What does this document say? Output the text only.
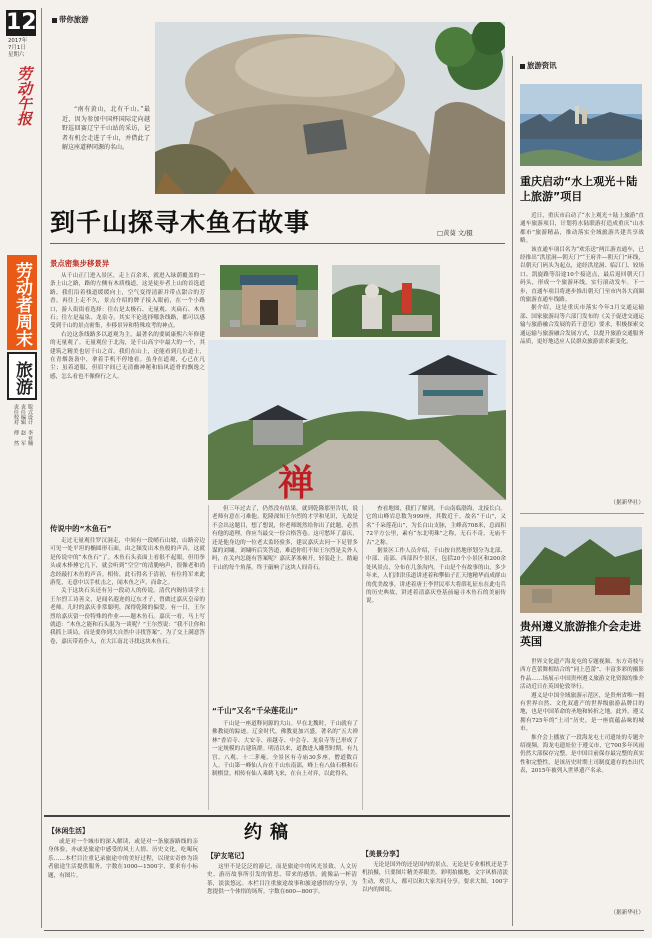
12
2017年
7月1日
星期六
劳动午报
劳动者周末
旅游
版式设计　李亚楠
责任编辑　赵　军
责任校对　傅　然
带你旅游
“南有黄山，北有千山。”最近，因为参加中国杯国际定向越野巡回赛辽宁千山站的采访，记者有机会走进了千山，并借此了解这座道释同源的名山。
到千山探寻木鱼石故事	□黄葵 文/摄
景点密集步移景异

从千山正门进入景区，走上百余米，就进入绿荫覆盖的一条上山之路，路的左侧有木质栈道，这是徒步者上山的首选道路。我们沿着栈道缓缓向上，空气变得清新并带点甜合的芳香。再往上走不久，景点介绍的牌子接入眼前，在一个小路口，游人街街看选择：往右是太极石、无量观、夹扁石、木鱼石；往左是福泉、龙泉寺。其实不论选择哪条线路，都可以感受到千山的景点密集，步移景异和特殊攻考的神点。

右边这条线路多以道观为主，最著名的要属康熙六年修建的无量观了。无量观位于北沟，是千山高宇中最大的一个，其建筑之精美也居千山之首。我们在山上，还能看到几位道士，在青烟袅袅中，拿着手机不停地看。虽身在道观，心已在凡尘；虽着道服，但眉宇间已无清幽神秘和仙风道骨的飘逸之感，怎么看也不像修行之人。

传说中的“木鱼石”

走过无量观往罗汉洞走，中间有一段峭石山坡，山路旁边可见一处平坦的椭圆形石面，由之频发出木鱼般的声音，这就是传说中的“木鱼石”了。木鱼石头表面上看很不起眼，但用拳头或木棒捶它几下，就会听到“空空”的清脆响声，很像老和尚念经敲打木鱼的声音。相传，此石得名于清初，有位将军来此游览，无意中以手杖击之，闻木鱼之声，而命之。

关于这块石头还有另一段动人的传说。清代内阁侍读学士王尔烈工诗善文，是闻名遐迩的辽东才子，曾做过嘉庆皇帝的老师。儿时的嘉庆非常聪明，深得乾隆的偏爱。有一日，王尔烈给嘉庆留一份特殊的作业——题木鱼石。嘉庆一看，马上写就道：“木鱼之能和石头混为一谈呢？”王尔烈说：“我不让你和我抓上谈局，而是要你到大自然中寻找答案”。为了交上满意答卷，嘉庆带着仆人，在大江南北寻找这块木鱼石。

禅

但三年过去了，仍然没有结果，就到乾隆那里告状，说老师有意在刁难他。乾隆深知王尔烈的才学和见识，无故是不会出这题目，想了想说，你老师既然给你出了此题，必然有他的道理，你应当最交一份合格答卷。这可愁坏了嘉庆，还是他身边的一位老太监经验多，建议嘉庆去问一下足智多谋的刘墉。刘墉听后笑答道，难道你们不知王尔烈是关外人吗，在关内怎能有答案呢？嘉庆茅塞顿开，轻装赴上，踏遍千山的每个角落，终于敲响了这块人间奇石。

“千山”又名“千朵莲花山”

千山是一座道释同源的大山。早在北魏时，千山就有了佛教徒的踪迹。辽金时代，佛教更加兴盛，著名的“五大禅林”香岩寺、大安寺、祖越寺、中会寺、龙泉寺等已形成了一定规模的古建筑群。明清以来，道教进入雕塑时期，有九宫、八观、十二茅庵。全景区有寺庙30多座，僧道数百人。千山第一峰仙人台在千山东南部，峰上有八仙石棋和石制棋盘。相传有仙人乘鹤飞来，在台上对弈，以此得名。

查看地图，我们了解到，千山南临渤海，北接长白。它的山峰岩总数为999座，其数近千，故名“千山”，又名“千朵莲花山”，为长白山支脉，主峰高708米，总面积72平方公里，素有“东北明珠”之称，无石不奇，无庙不古”之称。

据景区工作人员介绍，千山按自然地形划分为北部、中部、南部、西部四个景区，包括20个小景区和200余处风景点，分布在几条沟内。千山是个有故事的山，多少年来，人们津津乐道讲述着和攀仙子汇天地精华而成群山的优美故事，讲述着唐王李世民率大将薛礼征东在此屯兵的历史典故，讲述着清嘉庆登基前遍寻木鱼石的美丽传说。

旅游资讯
重庆启动“水上观光＋陆上旅游”项目

近日，重庆市启动了“水上观光＋陆上旅游”直通车旅游项目，计划将水陆联游打造成重庆“山水都市”旅游精品，推动落实全域旅游共建共享战略。

该直通车项目名为“欢乐送”两江游直通车，已经推出“洪崖洞—朝天门”“王府井—朝天门”环线，以朝天门码头为起点，途经洪崖洞、临江门、较场口、凯旋路等沿途10个接送点，最后返回朝天门码头，形成一个旅游环线，实行滚动发车。下一步，直通车项目将逐步推出朝天门至市内各大商圈的旅游直通车线路。

据介绍，这是重庆市落实今年3月交通运输部、国家旅游局等六部门发布的《关于促进交通运输与旅游融合发展的若干意见》要求，积极探索交通运输与旅游融合发展方式，以提升旅游交通服务品质，更好地适应人民群众旅游需求新变化。

（据新华社）
贵州遵义旅游推介会走进英国

世界文化遗产海龙屯的专题视频、东方奇枝与西方芭蕾舞相结合的“同上芭蕾”、丰富多彩的摄影作品……场展示中国贵州遵义旅游文化资源的推介活动近日在英国伦敦举行。

遵义是中国全域旅游示范区，是贵州省唯一拥有世界自然、文化双遗产的世界级旅游品牌目的地，也是中国革命的圣地和转折之地。此外，遵义拥有725年的“土司”历史，是一座底蕴品味的城市。

推介会上播放了一段海龙屯土司遗址的专题介绍视频。海龙屯遗址位于遵义市，它700多年风雨仍然大部保存完整，是中国目前保存最完整的真实性和完整性，是该历史时期土司制度遗存的杰出代表，2015年被列入世界遗产名录。

（据新华社）
约稿
【休闲生活】
或是对一个城市的深入解读，或是对一条旅游路线的亲身体验，亦或是旅途中感受的风土人情、历史文化，吃喝玩乐……本栏目注重记录旅途中的美好过程，以现实奇妙为读者旅途生活提供服务，字数在1000—1500字，要求有小标题，有图片。
【驴友笔记】
这里不是泛泛的游记，而是旅途中的风光景致、人文历史、游历故事所引发的情思、带来的感悟。就像品一杯清茶，淡淡悠远。本栏目注重旅途故事和旅途感悟的分享，为您提供一个体悟的场所。字数在600—800字。
【美景分享】
无论是国外的还是国内的景点，无论是专业相机还是手机拍摄，只要图片精美养眼美、彩明拍摄地，文字风格清淡生动，欢引人，都可以和大家共同分享。要求大图、100字以内的图说。
